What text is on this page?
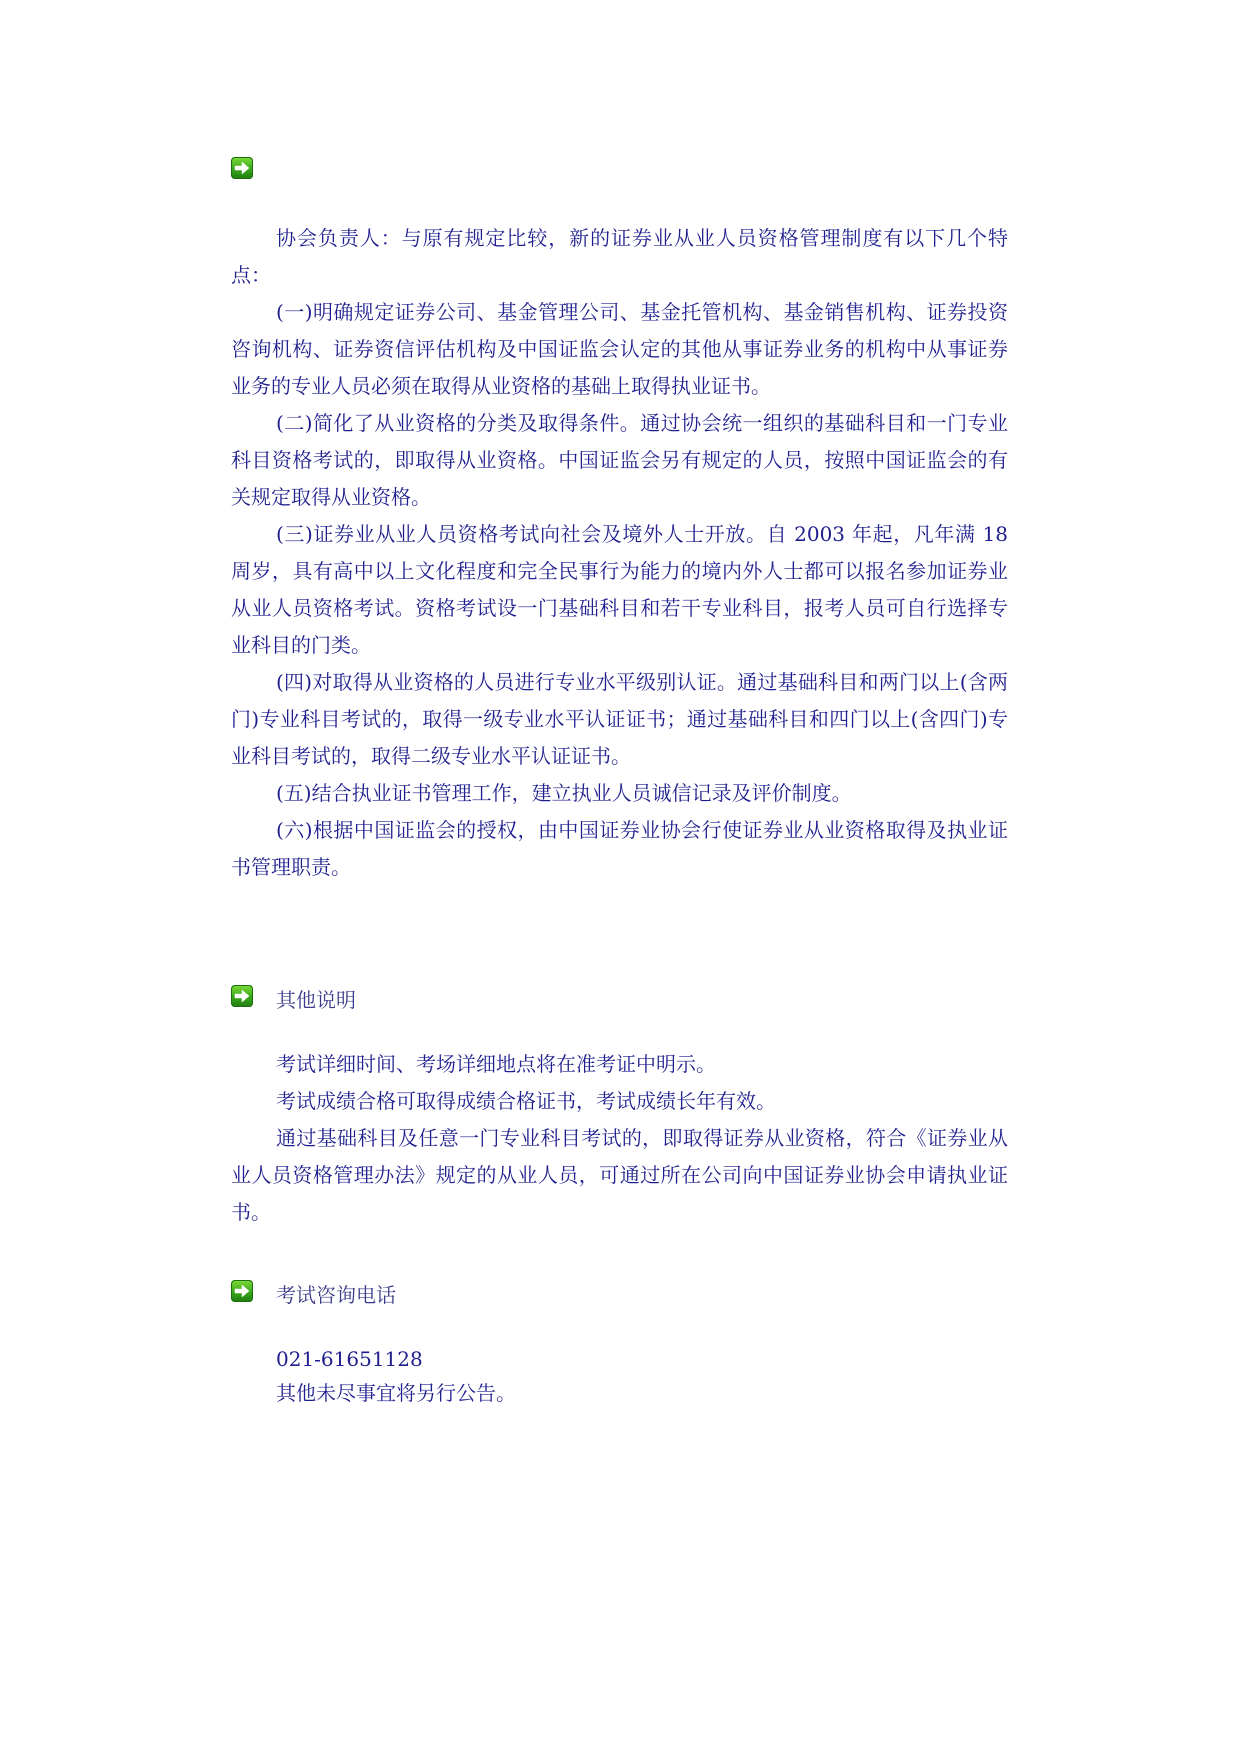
协会负责人：与原有规定比较，新的证券业从业人员资格管理制度有以下几个特点：

(一)明确规定证券公司、基金管理公司、基金托管机构、基金销售机构、证券投资咨询机构、证券资信评估机构及中国证监会认定的其他从事证券业务的机构中从事证券业务的专业人员必须在取得从业资格的基础上取得执业证书。

(二)简化了从业资格的分类及取得条件。通过协会统一组织的基础科目和一门专业科目资格考试的，即取得从业资格。中国证监会另有规定的人员，按照中国证监会的有关规定取得从业资格。

(三)证券业从业人员资格考试向社会及境外人士开放。自 2003 年起，凡年满 18 周岁，具有高中以上文化程度和完全民事行为能力的境内外人士都可以报名参加证券业从业人员资格考试。资格考试设一门基础科目和若干专业科目，报考人员可自行选择专业科目的门类。

(四)对取得从业资格的人员进行专业水平级别认证。通过基础科目和两门以上(含两门)专业科目考试的，取得一级专业水平认证证书；通过基础科目和四门以上(含四门)专业科目考试的，取得二级专业水平认证证书。

(五)结合执业证书管理工作，建立执业人员诚信记录及评价制度。

(六)根据中国证监会的授权，由中国证券业协会行使证券业从业资格取得及执业证书管理职责。

其他说明

考试详细时间、考场详细地点将在准考证中明示。

考试成绩合格可取得成绩合格证书，考试成绩长年有效。

通过基础科目及任意一门专业科目考试的，即取得证券从业资格，符合《证券业从业人员资格管理办法》规定的从业人员，可通过所在公司向中国证券业协会申请执业证书。

考试咨询电话

021-61651128

其他未尽事宜将另行公告。
